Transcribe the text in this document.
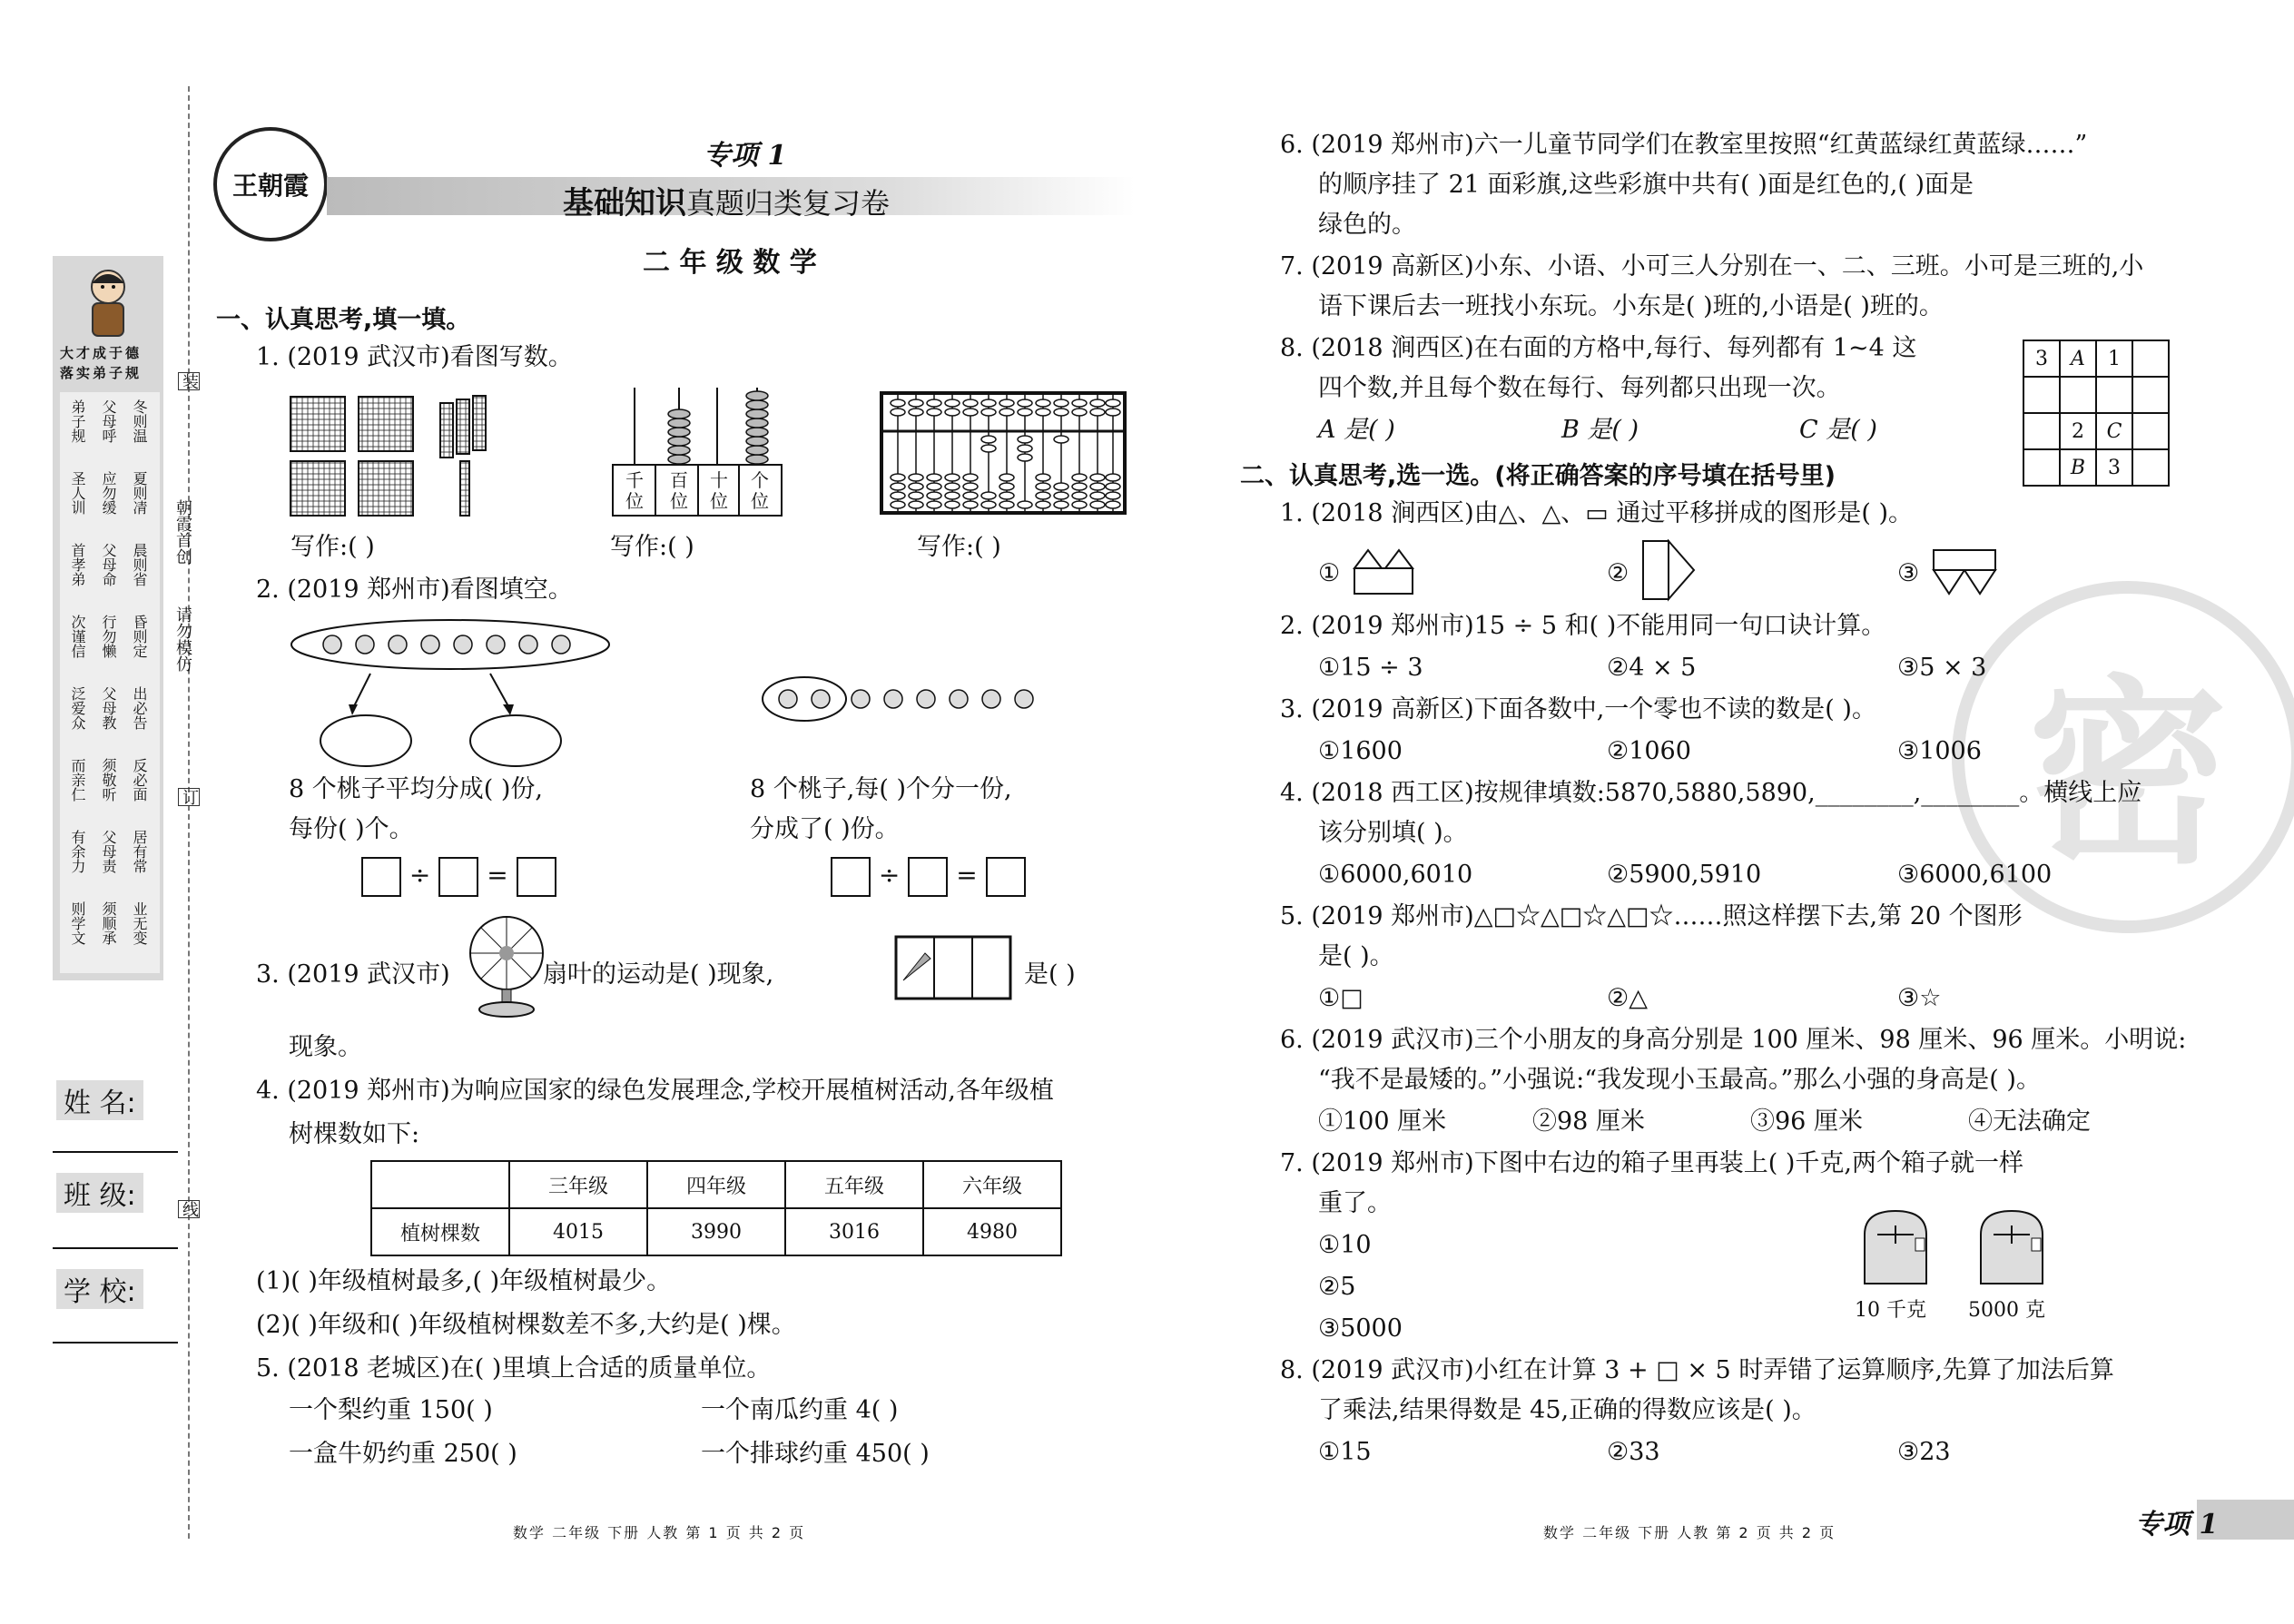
大才成于德
落实弟子规
冬则温
夏则凊
晨则省
昏则定
出必告
反必面
居有常
业无变
父母呼
应勿缓
父母命
行勿懒
父母教
须敬听
父母责
须顺承
弟子规
圣人训
首孝弟
次谨信
泛爱众
而亲仁
有余力
则学文
朝霞首创
请勿模仿
装
订
线
姓 名:
班 级:
学 校:
王朝霞
专项 1
基础知识真题归类复习卷
二 年 级 数 学
一、认真思考,填一填。
1. (2019 武汉市)看图写数。
千位
百位
十位
个位
写作:( )	写作:( )	写作:( )
2. (2019 郑州市)看图填空。
8 个桃子平均分成( )份,
每份( )个。
8 个桃子,每( )个分一份,
分成了( )份。
÷ =	÷ =
3. (2019 武汉市)	扇叶的运动是( )现象,	是( )
现象。
4. (2019 郑州市)为响应国家的绿色发展理念,学校开展植树活动,各年级植
树棵数如下:
	三年级	四年级	五年级	六年级
植树棵数	4015	3990	3016	4980
(1)( )年级植树最多,( )年级植树最少。
(2)( )年级和( )年级植树棵数差不多,大约是( )棵。
5. (2018 老城区)在( )里填上合适的质量单位。
一个梨约重 150( )	一个南瓜约重 4( )
一盒牛奶约重 250( )	一个排球约重 450( )
数学 二年级 下册 人教 第 1 页 共 2 页
密
6. (2019 郑州市)六一儿童节同学们在教室里按照“红黄蓝绿红黄蓝绿……”
的顺序挂了 21 面彩旗,这些彩旗中共有( )面是红色的,( )面是
绿色的。
7. (2019 高新区)小东、小语、小可三人分别在一、二、三班。小可是三班的,小
语下课后去一班找小东玩。小东是( )班的,小语是( )班的。
8. (2018 涧西区)在右面的方格中,每行、每列都有 1~4 这
四个数,并且每个数在每行、每列都只出现一次。
A 是( )	B 是( )	C 是( )
3	A	1	

	2	C	
	B	3	
二、认真思考,选一选。(将正确答案的序号填在括号里)
1. (2018 涧西区)由△、△、▭ 通过平移拼成的图形是( )。
①	②	③
2. (2019 郑州市)15 ÷ 5 和( )不能用同一句口诀计算。
①15 ÷ 3	②4 × 5	③5 × 3
3. (2019 高新区)下面各数中,一个零也不读的数是( )。
①1600	②1060	③1006
4. (2018 西工区)按规律填数:5870,5880,5890,________,________。横线上应
该分别填( )。
①6000,6010	②5900,5910	③6000,6100
5. (2019 郑州市)△□☆△□☆△□☆……照这样摆下去,第 20 个图形
是( )。
①□	②△	③☆
6. (2019 武汉市)三个小朋友的身高分别是 100 厘米、98 厘米、96 厘米。小明说:
“我不是最矮的。”小强说:“我发现小玉最高。”那么小强的身高是( )。
①100 厘米	②98 厘米	③96 厘米	④无法确定
7. (2019 郑州市)下图中右边的箱子里再装上( )千克,两个箱子就一样
重了。
①10
②5
③5000
10 千克 5000 克
8. (2019 武汉市)小红在计算 3 + □ × 5 时弄错了运算顺序,先算了加法后算
了乘法,结果得数是 45,正确的得数应该是( )。
①15	②33	③23
数学 二年级 下册 人教 第 2 页 共 2 页	专项 1
